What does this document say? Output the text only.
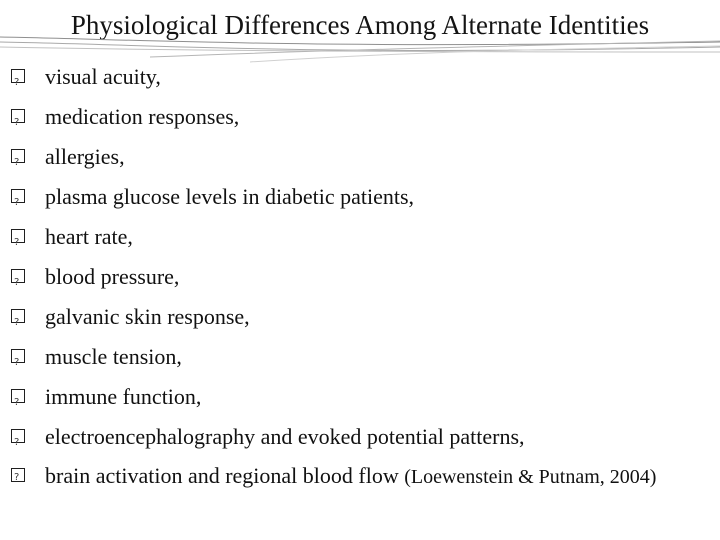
Physiological Differences Among Alternate Identities
?
visual acuity,
?
medication responses,
?
allergies,
?
plasma glucose levels in diabetic patients,
?
heart rate,
?
blood pressure,
?
galvanic skin response,
?
muscle tension,
?
immune function,
?
electroencephalography and evoked potential patterns,
?
brain activation and regional blood flow (Loewenstein & Putnam, 2004)
